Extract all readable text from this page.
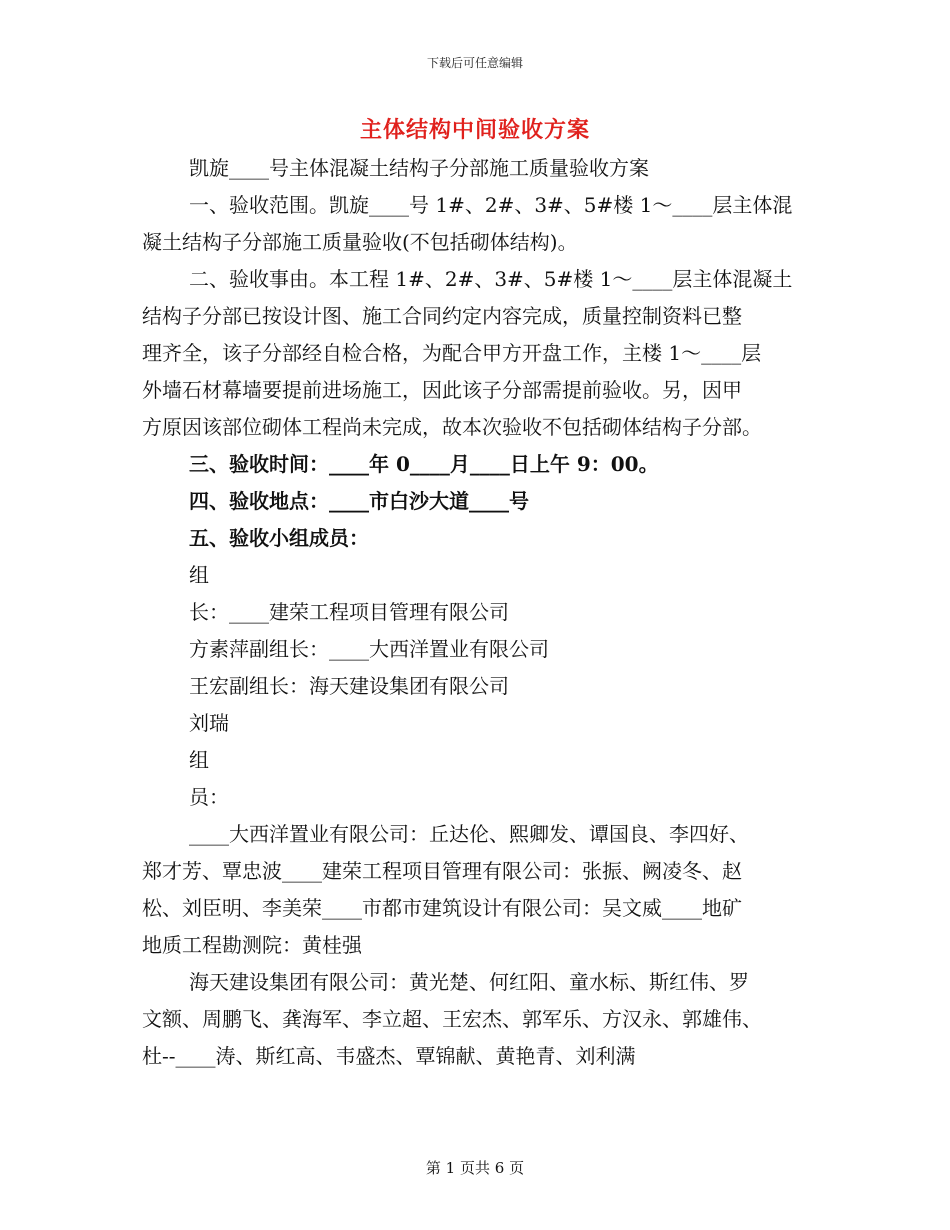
下载后可任意编辑
主体结构中间验收方案
凯旋____号主体混凝土结构子分部施工质量验收方案
一、验收范围。凯旋____号 1#、2#、3#、5#楼 1～____层主体混
凝土结构子分部施工质量验收(不包括砌体结构)。
二、验收事由。本工程 1#、2#、3#、5#楼 1～____层主体混凝土
结构子分部已按设计图、施工合同约定内容完成，质量控制资料已整
理齐全，该子分部经自检合格，为配合甲方开盘工作，主楼 1～____层
外墙石材幕墙要提前进场施工，因此该子分部需提前验收。另，因甲
方原因该部位砌体工程尚未完成，故本次验收不包括砌体结构子分部。
三、验收时间：____年 0____月____日上午 9：00。
四、验收地点：____市白沙大道____号
五、验收小组成员：
组
长：____建荣工程项目管理有限公司
方素萍副组长：____大西洋置业有限公司
王宏副组长：海天建设集团有限公司
刘瑞
组
员：
____大西洋置业有限公司：丘达伦、熙卿发、谭国良、李四好、
郑才芳、覃忠波____建荣工程项目管理有限公司：张振、阙凌冬、赵
松、刘臣明、李美荣____市都市建筑设计有限公司：吴文威____地矿
地质工程勘测院：黄桂强
海天建设集团有限公司：黄光楚、何红阳、童水标、斯红伟、罗
文额、周鹏飞、龚海军、李立超、王宏杰、郭军乐、方汉永、郭雄伟、
杜--____涛、斯红高、韦盛杰、覃锦献、黄艳青、刘利满
第 1 页共 6 页
